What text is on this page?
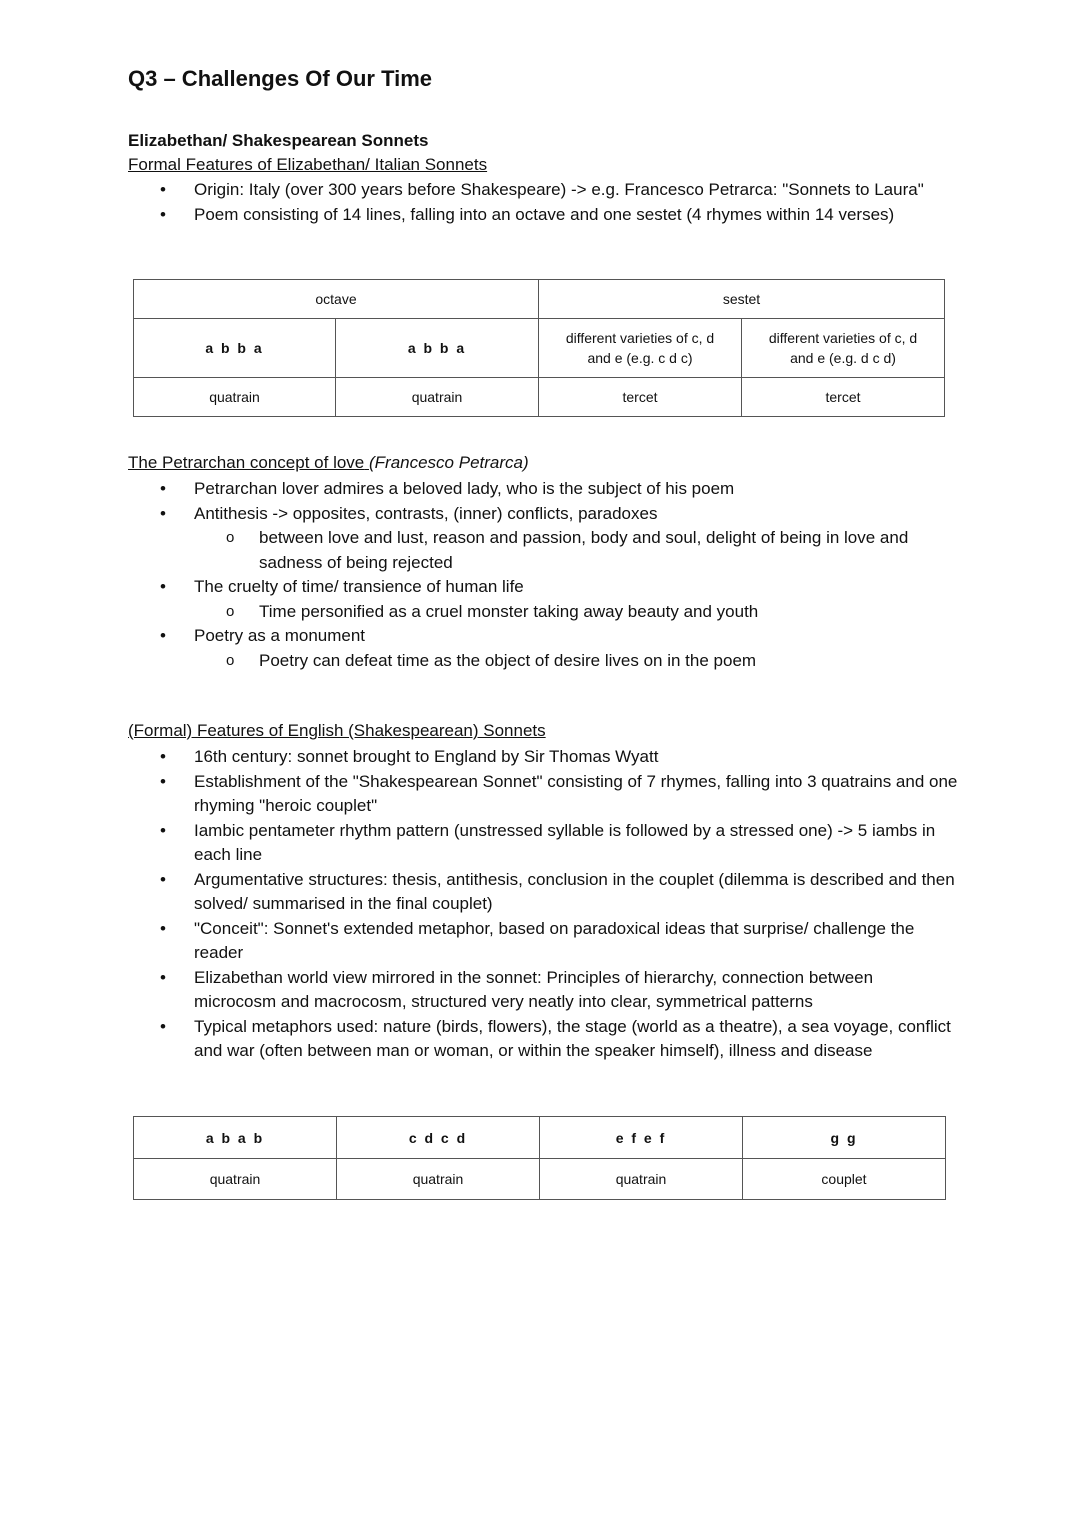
Q3 – Challenges Of Our Time
Elizabethan/ Shakespearean Sonnets
Formal Features of Elizabethan/ Italian Sonnets
• Origin: Italy (over 300 years before Shakespeare) -> e.g. Francesco Petrarca: "Sonnets to Laura"
• Poem consisting of 14 lines, falling into an octave and one sestet (4 rhymes within 14 verses)
octave		sestet	
a b b a	a b b a	different varieties of c, d and e (e.g. c d c)	different varieties of c, d and e (e.g. d c d)
quatrain	quatrain	tercet	tercet
The Petrarchan concept of love (Francesco Petrarca)
• Petrarchan lover admires a beloved lady, who is the subject of his poem
• Antithesis -> opposites, contrasts, (inner) conflicts, paradoxes
o between love and lust, reason and passion, body and soul, delight of being in love and sadness of being rejected
• The cruelty of time/ transience of human life
o Time personified as a cruel monster taking away beauty and youth
• Poetry as a monument
o Poetry can defeat time as the object of desire lives on in the poem
(Formal) Features of English (Shakespearean) Sonnets
• 16th century: sonnet brought to England by Sir Thomas Wyatt
• Establishment of the "Shakespearean Sonnet" consisting of 7 rhymes, falling into 3 quatrains and one rhyming "heroic couplet"
• Iambic pentameter rhythm pattern (unstressed syllable is followed by a stressed one) -> 5 iambs in each line
• Argumentative structures: thesis, antithesis, conclusion in the couplet (dilemma is described and then solved/ summarised in the final couplet)
• "Conceit": Sonnet's extended metaphor, based on paradoxical ideas that surprise/ challenge the reader
• Elizabethan world view mirrored in the sonnet: Principles of hierarchy, connection between microcosm and macrocosm, structured very neatly into clear, symmetrical patterns
• Typical metaphors used: nature (birds, flowers), the stage (world as a theatre), a sea voyage, conflict and war (often between man or woman, or within the speaker himself), illness and disease
a b a b	c d c d	e f e f	g g
quatrain	quatrain	quatrain	couplet
